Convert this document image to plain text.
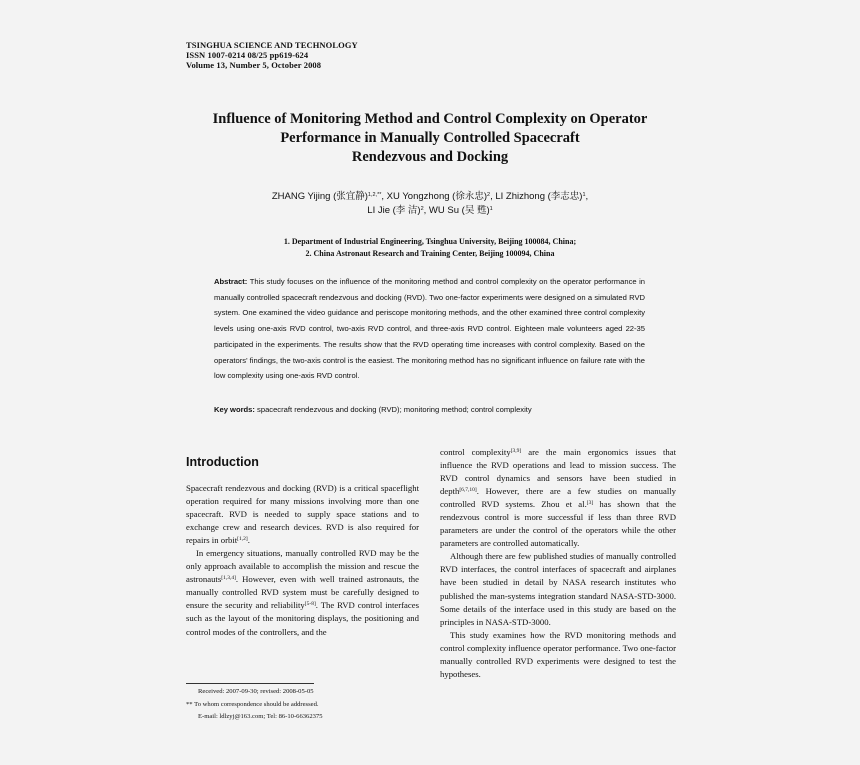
TSINGHUA SCIENCE AND TECHNOLOGY
ISSN 1007-0214 08/25 pp619-624
Volume 13, Number 5, October 2008
Influence of Monitoring Method and Control Complexity on Operator
Performance in Manually Controlled Spacecraft
Rendezvous and Docking
ZHANG Yijing (张宜静)$^{1,2,**}$, XU Yongzhong (徐永忠)$^2$, LI Zhizhong (李志忠)$^1$,
LI Jie (李 洁)$^2$, WU Su (吴 甦)$^1$
1. Department of Industrial Engineering, Tsinghua University, Beijing 100084, China;
2. China Astronaut Research and Training Center, Beijing 100094, China
Abstract: This study focuses on the influence of the monitoring method and control complexity on the operator performance in manually controlled spacecraft rendezvous and docking (RVD). Two one-factor experiments were designed on a simulated RVD system. One examined the video guidance and periscope monitoring methods, and the other examined three control complexity levels using one-axis RVD control, two-axis RVD control, and three-axis RVD control. Eighteen male volunteers aged 22-35 participated in the experiments. The results show that the RVD operating time increases with control complexity. Based on the operators' findings, the two-axis control is the easiest. The monitoring method has no significant influence on failure rate with the low complexity using one-axis RVD control.
Key words: spacecraft rendezvous and docking (RVD); monitoring method; control complexity
Introduction

Spacecraft rendezvous and docking (RVD) is a critical spaceflight operation required for many missions involving more than one spacecraft. RVD is needed to supply space stations and to exchange crew and research devices. RVD is also required for repairs in orbit[1,2].

In emergency situations, manually controlled RVD may be the only approach available to accomplish the mission and rescue the astronauts[1,3,4]. However, even with well trained astronauts, the manually controlled RVD system must be carefully designed to ensure the security and reliability[5-8]. The RVD control interfaces such as the layout of the monitoring displays, the positioning and control modes of the controllers, and the

control complexity[3,9] are the main ergonomics issues that influence the RVD operations and lead to mission success. The RVD control dynamics and sensors have been studied in depth[6,7,10]. However, there are a few studies on manually controlled RVD systems. Zhou et al.[3] has shown that the rendezvous control is more successful if less than three RVD parameters are under the control of the operators while the other parameters are controlled automatically.

Although there are few published studies of manually controlled RVD interfaces, the control interfaces of spacecraft and airplanes have been studied in detail by NASA research institutes who published the man-systems integration standard NASA-STD-3000. Some details of the interface used in this study are based on the principles in NASA-STD-3000.

This study examines how the RVD monitoring methods and control complexity influence operator performance. Two one-factor manually controlled RVD experiments were designed to test the hypotheses.

Received: 2007-09-30; revised: 2008-05-05
** To whom correspondence should be addressed.
E-mail: ldlzyj@163.com; Tel: 86-10-66362375
